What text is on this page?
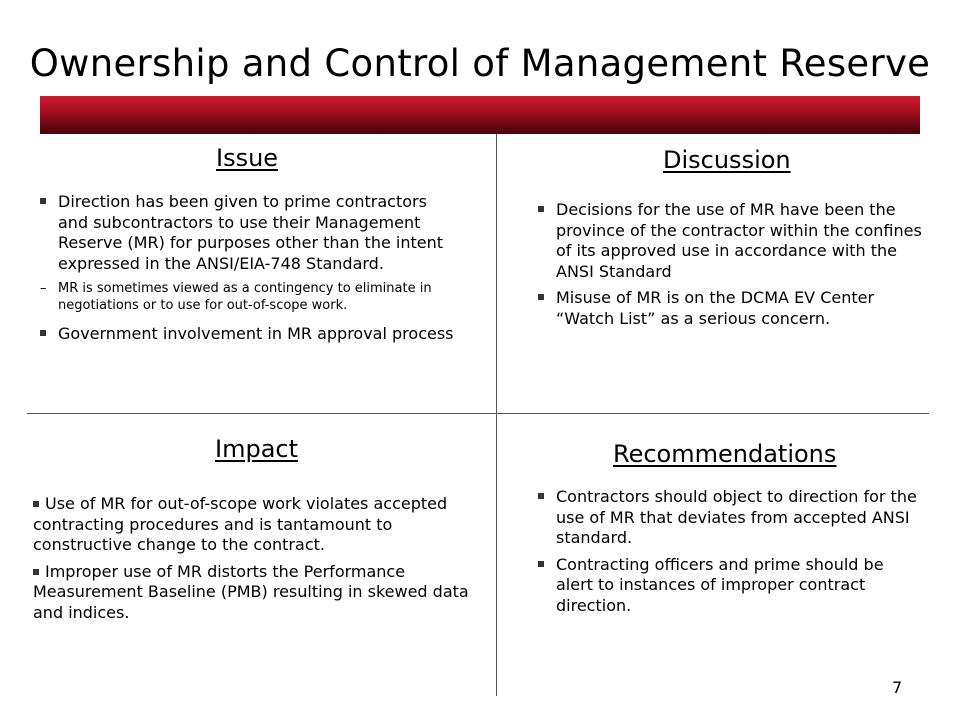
Ownership and Control of Management Reserve
Issue
Direction has been given to prime contractors and subcontractors to use their Management Reserve (MR) for purposes other than the intent expressed in the ANSI/EIA-748 Standard.
– MR is sometimes viewed as a contingency to eliminate in negotiations or to use for out-of-scope work.
Government involvement in MR approval process
Discussion
Decisions for the use of MR have been the province of the contractor within the confines of its approved use in accordance with the ANSI Standard
Misuse of MR is on the DCMA EV Center “Watch List” as a serious concern.
Impact
Use of MR for out-of-scope work violates accepted contracting procedures and is tantamount to constructive change to the contract.
Improper use of MR distorts the Performance Measurement Baseline (PMB) resulting in skewed data and indices.
Recommendations
Contractors should object to direction for the use of MR that deviates from accepted ANSI standard.
Contracting officers and prime should be alert to instances of improper contract direction.
7
